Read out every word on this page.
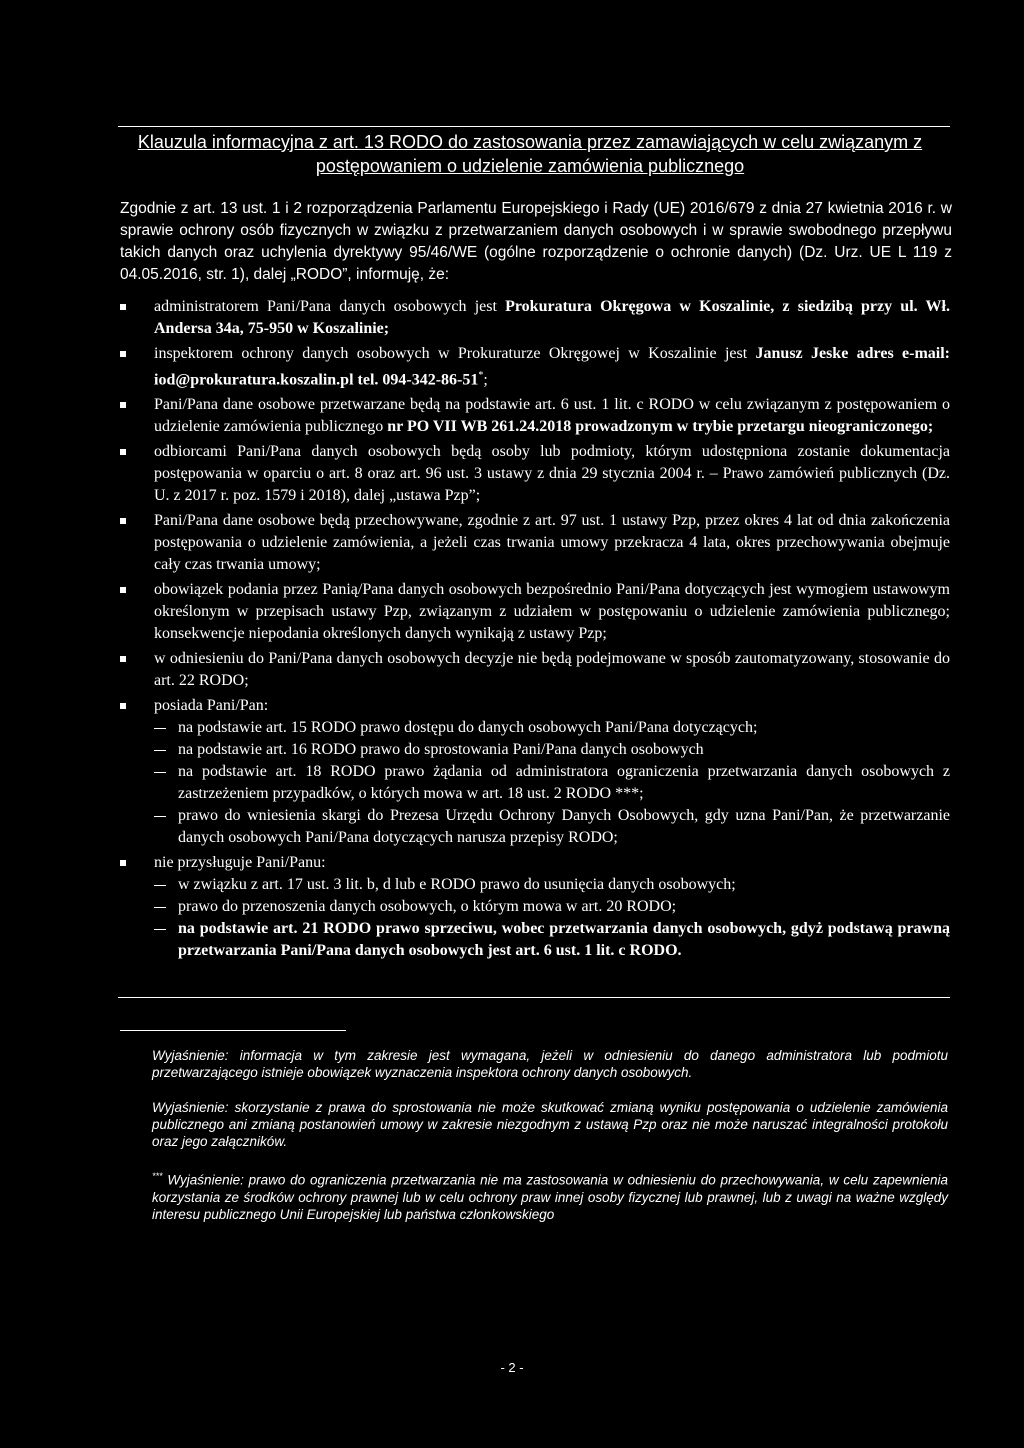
Klauzula informacyjna z art. 13 RODO do zastosowania przez zamawiających w celu związanym z
postępowaniem o udzielenie zamówienia publicznego
Zgodnie z art. 13 ust. 1 i 2 rozporządzenia Parlamentu Europejskiego i Rady (UE) 2016/679 z dnia 27 kwietnia 2016 r. w sprawie ochrony osób fizycznych w związku z przetwarzaniem danych osobowych i w sprawie swobodnego przepływu takich danych oraz uchylenia dyrektywy 95/46/WE (ogólne rozporządzenie o ochronie danych) (Dz. Urz. UE L 119 z 04.05.2016, str. 1), dalej „RODO”, informuję, że:
administratorem Pani/Pana danych osobowych jest Prokuratura Okręgowa w Koszalinie, z siedzibą przy ul. Wł. Andersa 34a, 75-950 w Koszalinie;
inspektorem ochrony danych osobowych w Prokuraturze Okręgowej w Koszalinie jest Janusz Jeske adres e-mail: iod@prokuratura.koszalin.pl tel. 094-342-86-51*;
Pani/Pana dane osobowe przetwarzane będą na podstawie art. 6 ust. 1 lit. c RODO w celu związanym z postępowaniem o udzielenie zamówienia publicznego nr PO VII WB 261.24.2018 prowadzonym w trybie przetargu nieograniczonego;
odbiorcami Pani/Pana danych osobowych będą osoby lub podmioty, którym udostępniona zostanie dokumentacja postępowania w oparciu o art. 8 oraz art. 96 ust. 3 ustawy z dnia 29 stycznia 2004 r. – Prawo zamówień publicznych (Dz. U. z 2017 r. poz. 1579 i 2018), dalej „ustawa Pzp”;
Pani/Pana dane osobowe będą przechowywane, zgodnie z art. 97 ust. 1 ustawy Pzp, przez okres 4 lat od dnia zakończenia postępowania o udzielenie zamówienia, a jeżeli czas trwania umowy przekracza 4 lata, okres przechowywania obejmuje cały czas trwania umowy;
obowiązek podania przez Panią/Pana danych osobowych bezpośrednio Pani/Pana dotyczących jest wymogiem ustawowym określonym w przepisach ustawy Pzp, związanym z udziałem w postępowaniu o udzielenie zamówienia publicznego; konsekwencje niepodania określonych danych wynikają z ustawy Pzp;
w odniesieniu do Pani/Pana danych osobowych decyzje nie będą podejmowane w sposób zautomatyzowany, stosowanie do art. 22 RODO;
posiada Pani/Pan:
na podstawie art. 15 RODO prawo dostępu do danych osobowych Pani/Pana dotyczących;
na podstawie art. 16 RODO prawo do sprostowania Pani/Pana danych osobowych
na podstawie art. 18 RODO prawo żądania od administratora ograniczenia przetwarzania danych osobowych z zastrzeżeniem przypadków, o których mowa w art. 18 ust. 2 RODO ***;
prawo do wniesienia skargi do Prezesa Urzędu Ochrony Danych Osobowych, gdy uzna Pani/Pan, że przetwarzanie danych osobowych Pani/Pana dotyczących narusza przepisy RODO;
nie przysługuje Pani/Panu:
w związku z art. 17 ust. 3 lit. b, d lub e RODO prawo do usunięcia danych osobowych;
prawo do przenoszenia danych osobowych, o którym mowa w art. 20 RODO;
na podstawie art. 21 RODO prawo sprzeciwu, wobec przetwarzania danych osobowych, gdyż podstawą prawną przetwarzania Pani/Pana danych osobowych jest art. 6 ust. 1 lit. c RODO.

Wyjaśnienie: informacja w tym zakresie jest wymagana, jeżeli w odniesieniu do danego administratora lub podmiotu przetwarzającego istnieje obowiązek wyznaczenia inspektora ochrony danych osobowych.

Wyjaśnienie: skorzystanie z prawa do sprostowania nie może skutkować zmianą wyniku postępowania o udzielenie zamówienia publicznego ani zmianą postanowień umowy w zakresie niezgodnym z ustawą Pzp oraz nie może naruszać integralności protokołu oraz jego załączników.

*** Wyjaśnienie: prawo do ograniczenia przetwarzania nie ma zastosowania w odniesieniu do przechowywania, w celu zapewnienia korzystania ze środków ochrony prawnej lub w celu ochrony praw innej osoby fizycznej lub prawnej, lub z uwagi na ważne względy interesu publicznego Unii Europejskiej lub państwa członkowskiego

- 2 -
